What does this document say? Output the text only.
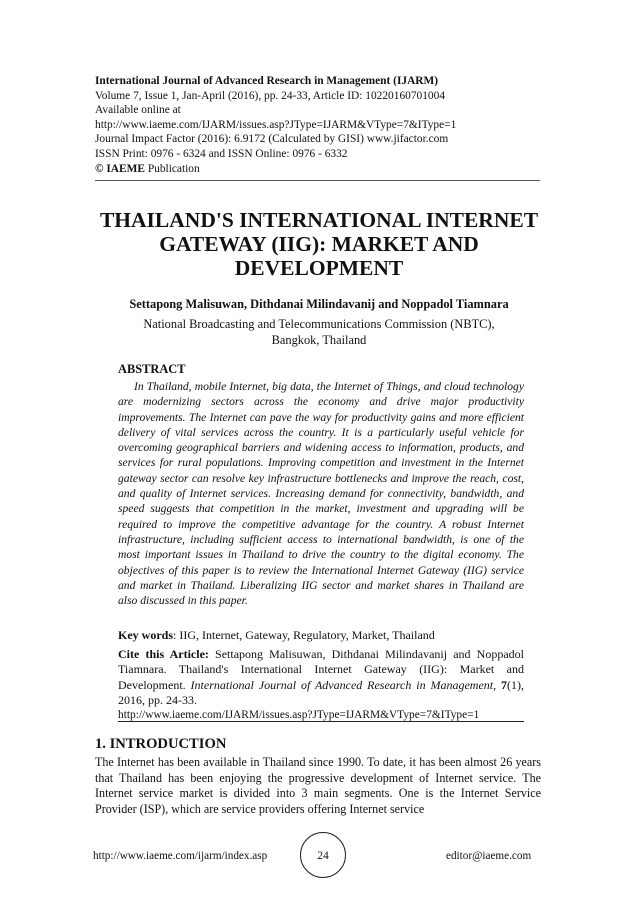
International Journal of Advanced Research in Management (IJARM)
Volume 7, Issue 1, Jan-April (2016), pp. 24-33, Article ID: 10220160701004
Available online at
http://www.iaeme.com/IJARM/issues.asp?JType=IJARM&VType=7&IType=1
Journal Impact Factor (2016): 6.9172 (Calculated by GISI) www.jifactor.com
ISSN Print: 0976 - 6324 and ISSN Online: 0976 - 6332
© IAEME Publication
THAILAND'S INTERNATIONAL INTERNET GATEWAY (IIG): MARKET AND DEVELOPMENT
Settapong Malisuwan, Dithdanai Milindavanij and Noppadol Tiamnara
National Broadcasting and Telecommunications Commission (NBTC),
Bangkok, Thailand
ABSTRACT

In Thailand, mobile Internet, big data, the Internet of Things, and cloud technology are modernizing sectors across the economy and drive major productivity improvements. The Internet can pave the way for productivity gains and more efficient delivery of vital services across the country. It is a particularly useful vehicle for overcoming geographical barriers and widening access to information, products, and services for rural populations. Improving competition and investment in the Internet gateway sector can resolve key infrastructure bottlenecks and improve the reach, cost, and quality of Internet services. Increasing demand for connectivity, bandwidth, and speed suggests that competition in the market, investment and upgrading will be required to improve the competitive advantage for the country. A robust Internet infrastructure, including sufficient access to international bandwidth, is one of the most important issues in Thailand to drive the country to the digital economy. The objectives of this paper is to review the International Internet Gateway (IIG) service and market in Thailand. Liberalizing IIG sector and market shares in Thailand are also discussed in this paper.

Key words: IIG, Internet, Gateway, Regulatory, Market, Thailand

Cite this Article: Settapong Malisuwan, Dithdanai Milindavanij and Noppadol Tiamnara. Thailand's International Internet Gateway (IIG): Market and Development. International Journal of Advanced Research in Management, 7(1), 2016, pp. 24-33.
http://www.iaeme.com/IJARM/issues.asp?JType=IJARM&VType=7&IType=1

1. INTRODUCTION

The Internet has been available in Thailand since 1990. To date, it has been almost 26 years that Thailand has been enjoying the progressive development of Internet service. The Internet service market is divided into 3 main segments. One is the Internet Service Provider (ISP), which are service providers offering Internet service

http://www.iaeme.com/ijarm/index.asp	24	editor@iaeme.com
